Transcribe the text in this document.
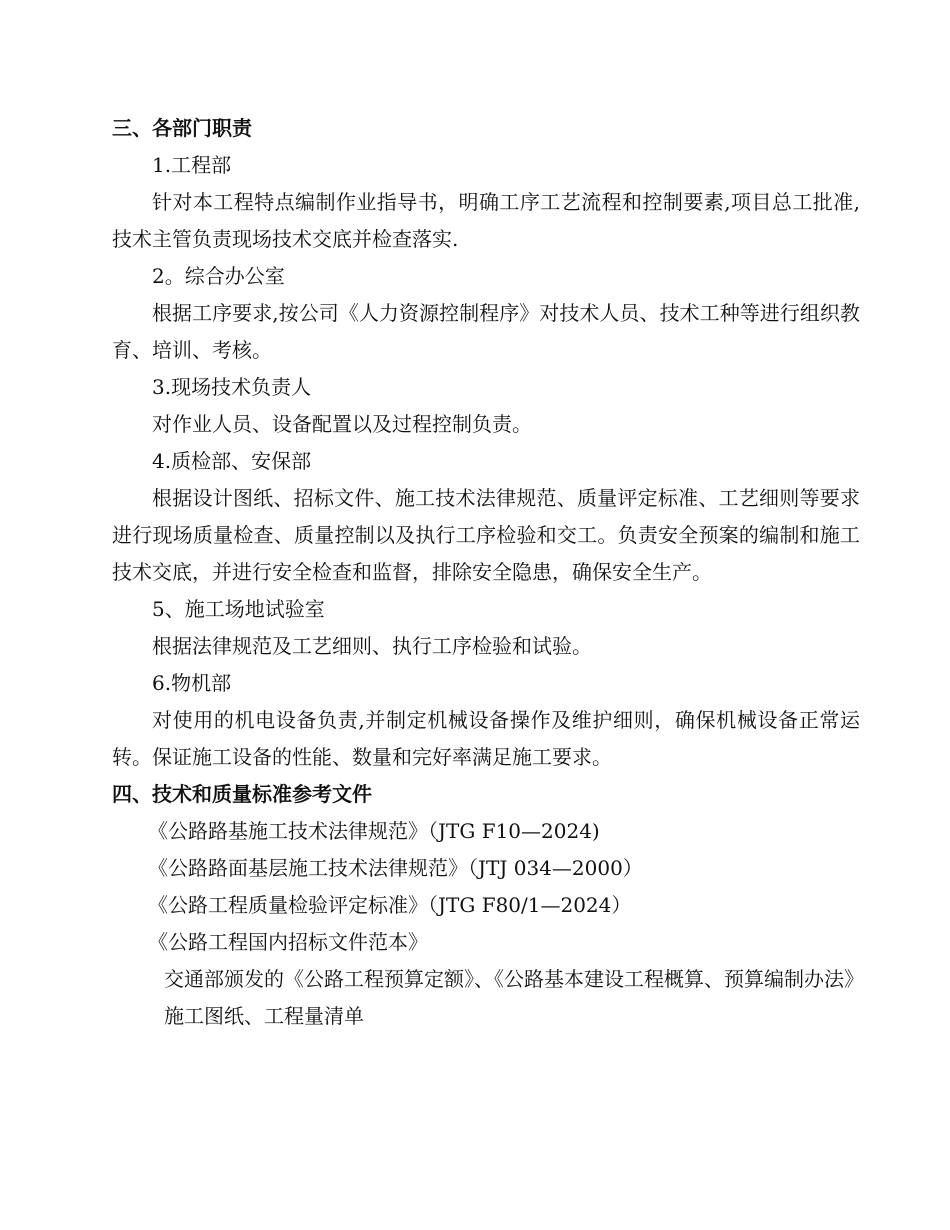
三、各部门职责

1.工程部

针对本工程特点编制作业指导书，明确工序工艺流程和控制要素,项目总工批准,技术主管负责现场技术交底并检查落实.

2。综合办公室

根据工序要求,按公司《人力资源控制程序》对技术人员、技术工种等进行组织教育、培训、考核。

3.现场技术负责人

对作业人员、设备配置以及过程控制负责。

4.质检部、安保部

根据设计图纸、招标文件、施工技术法律规范、质量评定标准、工艺细则等要求进行现场质量检查、质量控制以及执行工序检验和交工。负责安全预案的编制和施工技术交底，并进行安全检查和监督，排除安全隐患，确保安全生产。

5、施工场地试验室

根据法律规范及工艺细则、执行工序检验和试验。

6.物机部

对使用的机电设备负责,并制定机械设备操作及维护细则，确保机械设备正常运转。保证施工设备的性能、数量和完好率满足施工要求。

四、技术和质量标准参考文件

《公路路基施工技术法律规范》（JTG F10—2024)

《公路路面基层施工技术法律规范》（JTJ 034—2000）

《公路工程质量检验评定标准》（JTG F80/1—2024）

《公路工程国内招标文件范本》

交通部颁发的《公路工程预算定额》、《公路基本建设工程概算、预算编制办法》

施工图纸、工程量清单
